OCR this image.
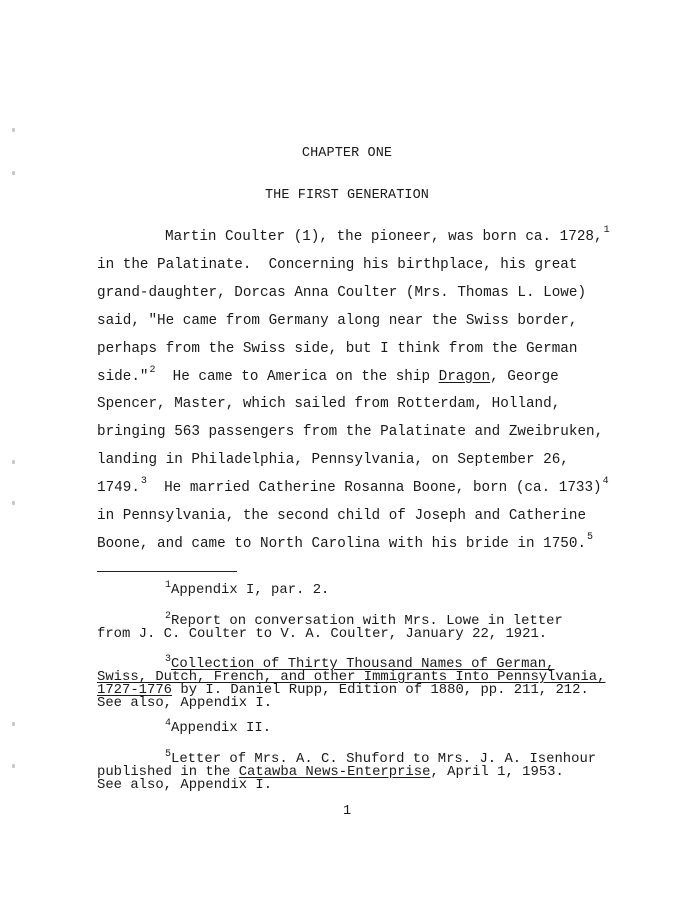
CHAPTER ONE
THE FIRST GENERATION
Martin Coulter (1), the pioneer, was born ca. 1728,$^1$
in the Palatinate.  Concerning his birthplace, his great
grand-daughter, Dorcas Anna Coulter (Mrs. Thomas L. Lowe)
said, "He came from Germany along near the Swiss border,
perhaps from the Swiss side, but I think from the German
side."$^2$  He came to America on the ship Dragon, George
Spencer, Master, which sailed from Rotterdam, Holland,
bringing 563 passengers from the Palatinate and Zweibruken,
landing in Philadelphia, Pennsylvania, on September 26,
1749.$^3$  He married Catherine Rosanna Boone, born (ca. 1733)$^4$
in Pennsylvania, the second child of Joseph and Catherine
Boone, and came to North Carolina with his bride in 1750.$^5$
$^1$Appendix I, par. 2.
$^2$Report on conversation with Mrs. Lowe in letter
from J. C. Coulter to V. A. Coulter, January 22, 1921.
$^3$Collection of Thirty Thousand Names of German,
Swiss, Dutch, French, and other Immigrants Into Pennsylvania,
1727-1776 by I. Daniel Rupp, Edition of 1880, pp. 211, 212.
See also, Appendix I.
$^4$Appendix II.
$^5$Letter of Mrs. A. C. Shuford to Mrs. J. A. Isenhour
published in the Catawba News-Enterprise, April 1, 1953.
See also, Appendix I.
1
